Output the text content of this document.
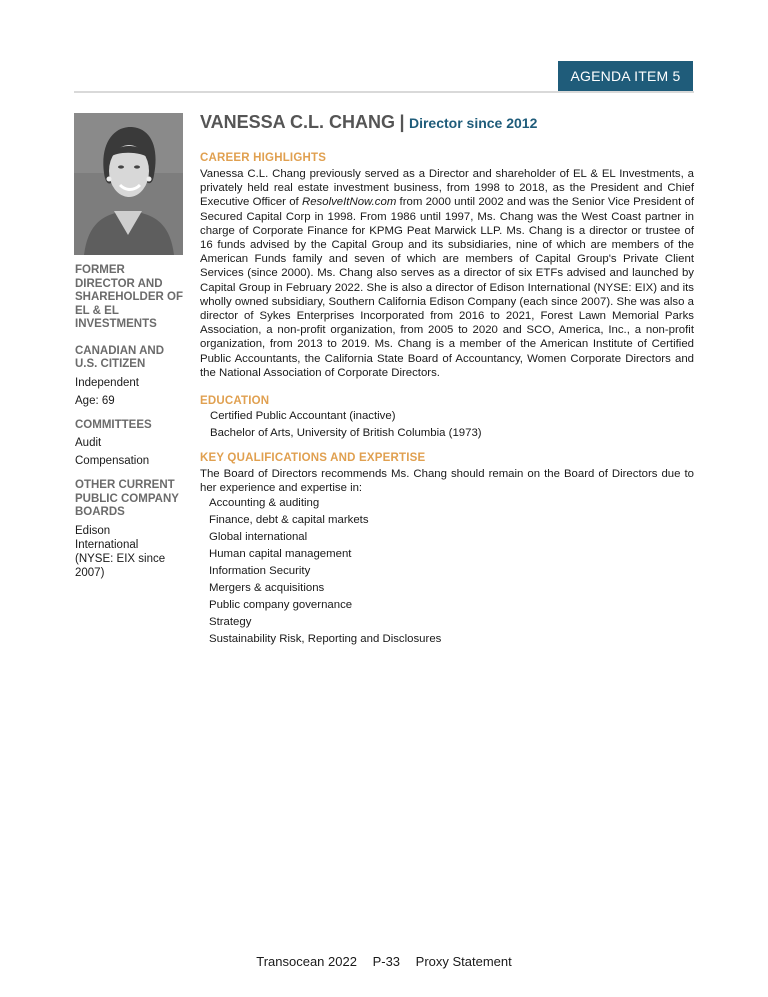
AGENDA ITEM 5

FORMER DIRECTOR AND SHAREHOLDER OF EL & EL INVESTMENTS

CANADIAN AND U.S. CITIZEN

Independent

Age: 69

COMMITTEES

Audit

Compensation

OTHER CURRENT PUBLIC COMPANY BOARDS

Edison International (NYSE: EIX since 2007)

VANESSA C.L. CHANG | Director since 2012

CAREER HIGHLIGHTS

Vanessa C.L. Chang previously served as a Director and shareholder of EL & EL Investments, a privately held real estate investment business, from 1998 to 2018, as the President and Chief Executive Officer of ResolveItNow.com from 2000 until 2002 and was the Senior Vice President of Secured Capital Corp in 1998. From 1986 until 1997, Ms. Chang was the West Coast partner in charge of Corporate Finance for KPMG Peat Marwick LLP. Ms. Chang is a director or trustee of 16 funds advised by the Capital Group and its subsidiaries, nine of which are members of the American Funds family and seven of which are members of Capital Group's Private Client Services (since 2000). Ms. Chang also serves as a director of six ETFs advised and launched by Capital Group in February 2022. She is also a director of Edison International (NYSE: EIX) and its wholly owned subsidiary, Southern California Edison Company (each since 2007). She was also a director of Sykes Enterprises Incorporated from 2016 to 2021, Forest Lawn Memorial Parks Association, a non-profit organization, from 2005 to 2020 and SCO, America, Inc., a non-profit organization, from 2013 to 2019. Ms. Chang is a member of the American Institute of Certified Public Accountants, the California State Board of Accountancy, Women Corporate Directors and the National Association of Corporate Directors.

EDUCATION

Certified Public Accountant (inactive)
Bachelor of Arts, University of British Columbia (1973)

KEY QUALIFICATIONS AND EXPERTISE

The Board of Directors recommends Ms. Chang should remain on the Board of Directors due to her experience and expertise in:

Accounting & auditing
Finance, debt & capital markets
Global international
Human capital management
Information Security
Mergers & acquisitions
Public company governance
Strategy
Sustainability Risk, Reporting and Disclosures
Transocean 2022 P-33 Proxy Statement
